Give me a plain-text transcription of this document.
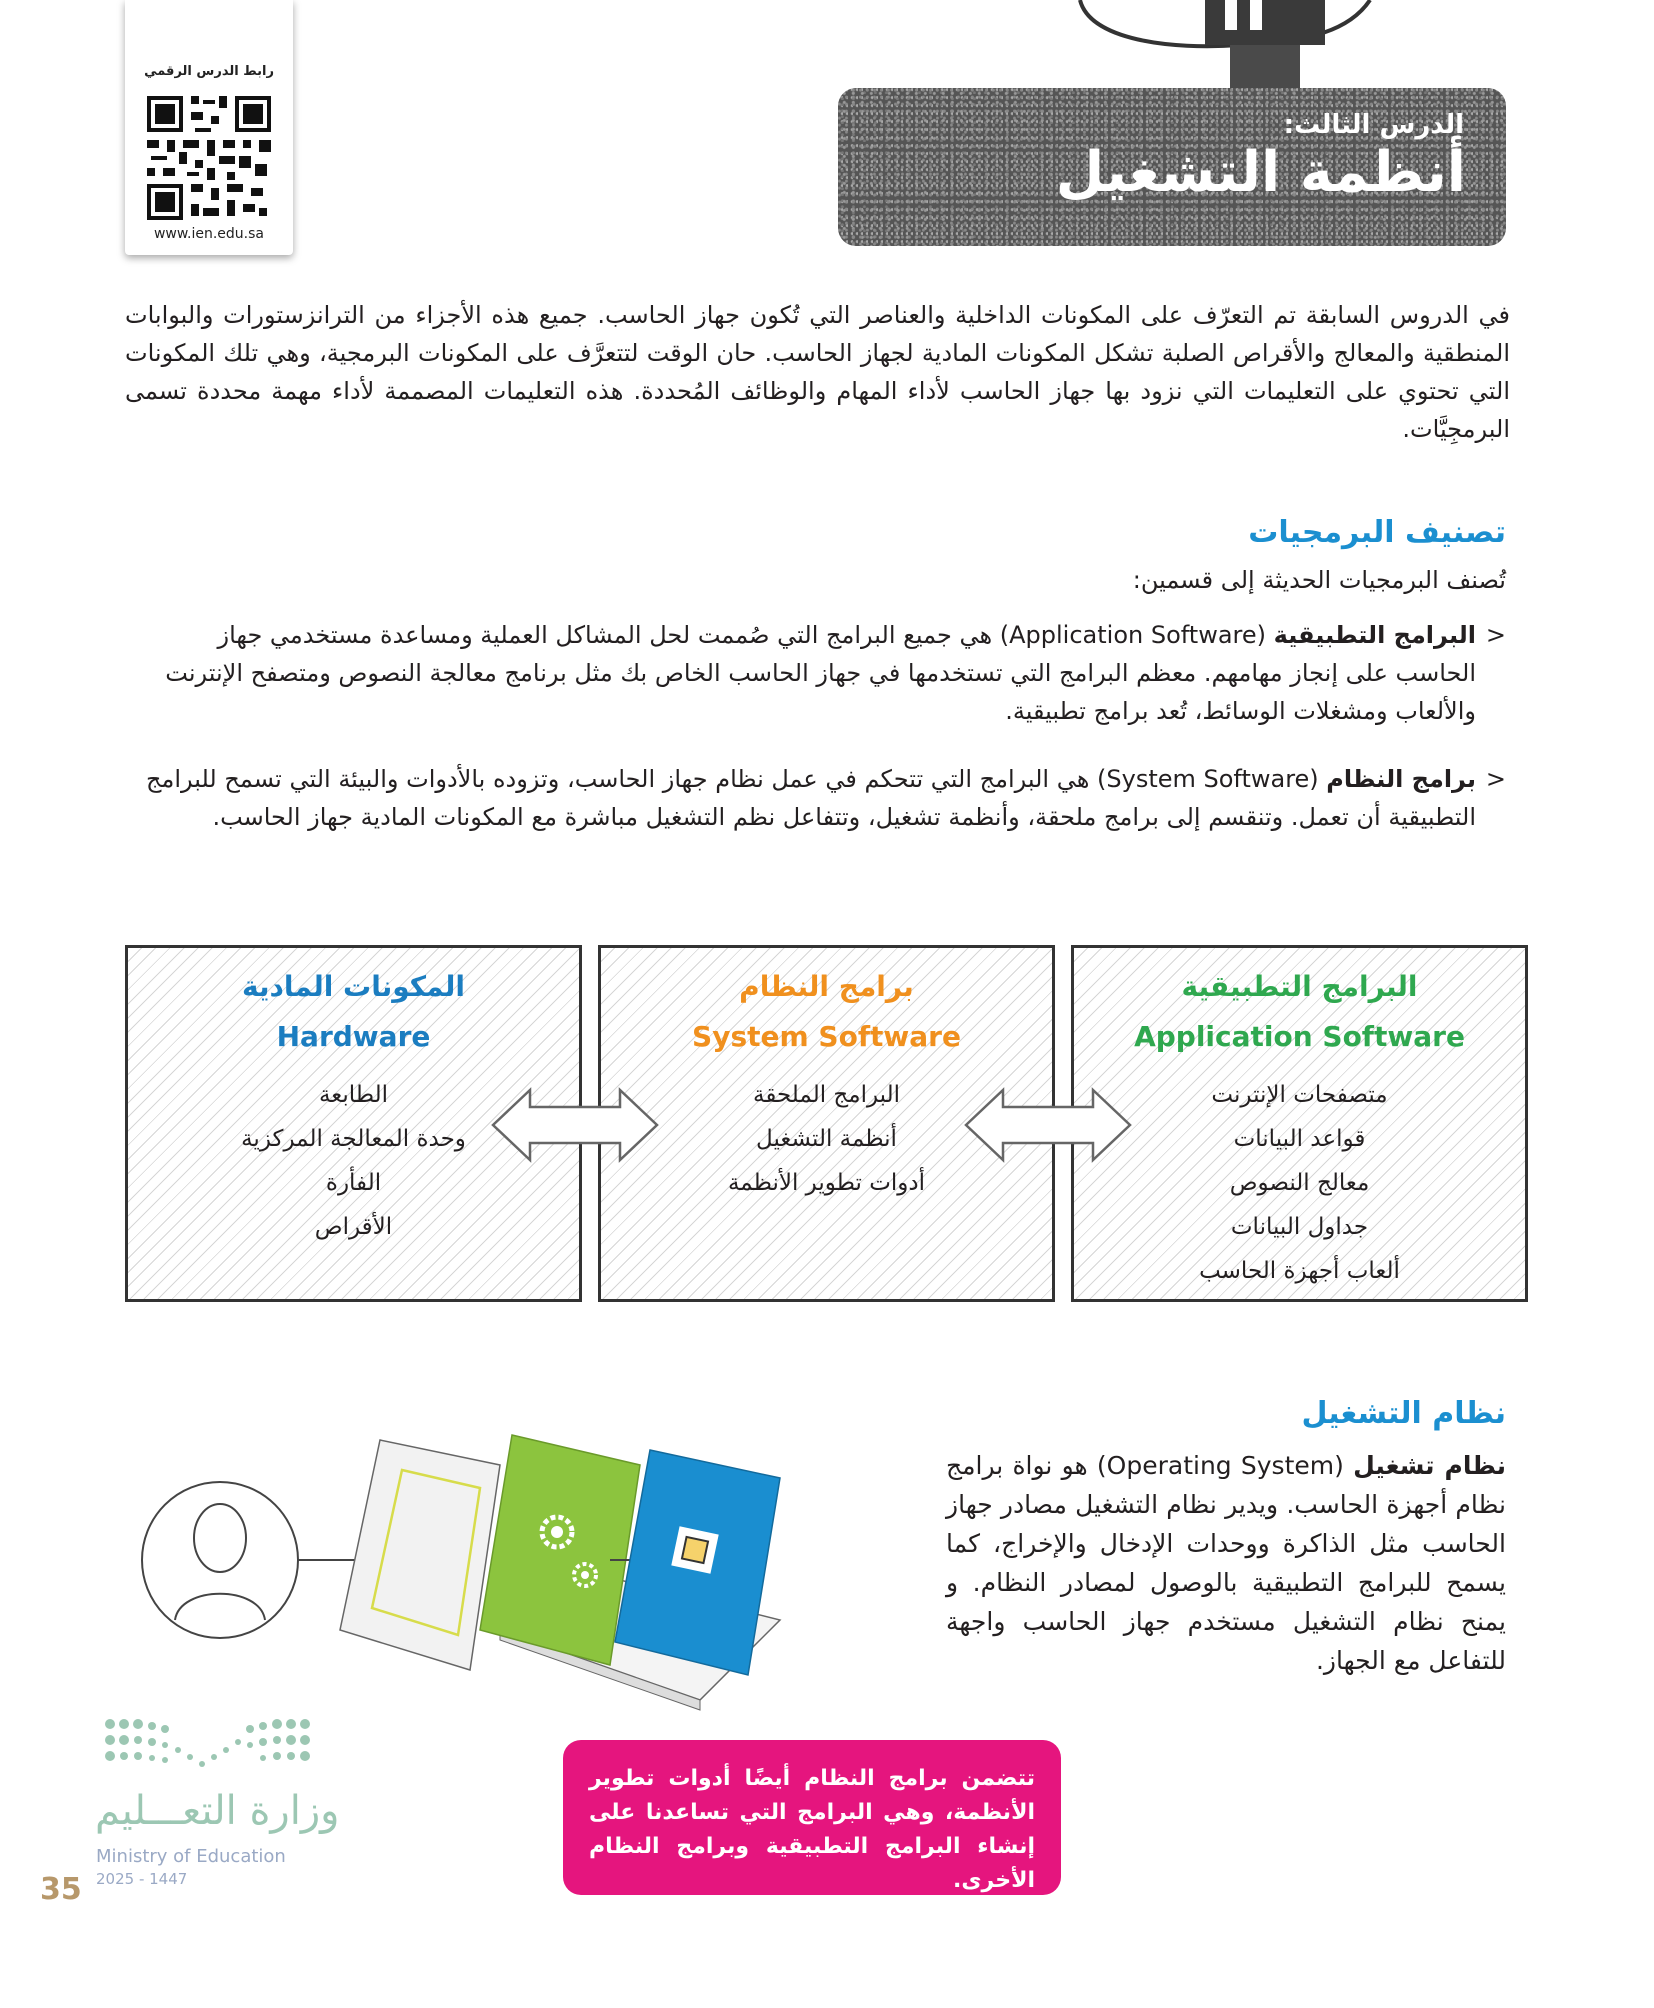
رابط الدرس الرقمي
www.ien.edu.sa
الدرس الثالث:
أنظمة التشغيل

في الدروس السابقة تم التعرّف على المكونات الداخلية والعناصر التي تُكون جهاز الحاسب. جميع هذه الأجزاء من الترانزستورات والبوابات المنطقية والمعالج والأقراص الصلبة تشكل المكونات المادية لجهاز الحاسب. حان الوقت لتتعرَّف على المكونات البرمجية، وهي تلك المكونات التي تحتوي على التعليمات التي نزود بها جهاز الحاسب لأداء المهام والوظائف المُحددة. هذه التعليمات المصممة لأداء مهمة محددة تسمى البرمجِيَّات.

تصنيف البرمجيات
تُصنف البرمجيات الحديثة إلى قسمين:
<
البرامج التطبيقية (Application Software) هي جميع البرامج التي صُممت لحل المشاكل العملية ومساعدة مستخدمي جهاز الحاسب على إنجاز مهامهم. معظم البرامج التي تستخدمها في جهاز الحاسب الخاص بك مثل برنامج معالجة النصوص ومتصفح الإنترنت والألعاب ومشغلات الوسائط، تُعد برامج تطبيقية.
<
برامج النظام (System Software) هي البرامج التي تتحكم في عمل نظام جهاز الحاسب، وتزوده بالأدوات والبيئة التي تسمح للبرامج التطبيقية أن تعمل. وتنقسم إلى برامج ملحقة، وأنظمة تشغيل، وتتفاعل نظم التشغيل مباشرة مع المكونات المادية جهاز الحاسب.
المكونات المادية
Hardware
الطابعة
وحدة المعالجة المركزية
الفأرة
الأقراص
برامج النظام
System Software
البرامج الملحقة
أنظمة التشغيل
أدوات تطوير الأنظمة
البرامج التطبيقية
Application Software
متصفحات الإنترنت
قواعد البيانات
معالج النصوص
جداول البيانات
ألعاب أجهزة الحاسب
نظام التشغيل
نظام تشغيل (Operating System) هو نواة برامج نظام أجهزة الحاسب. ويدير نظام التشغيل مصادر جهاز الحاسب مثل الذاكرة ووحدات الإدخال والإخراج، كما يسمح للبرامج التطبيقية بالوصول لمصادر النظام. و يمنح نظام التشغيل مستخدم جهاز الحاسب واجهة للتفاعل مع الجهاز.
تتضمن برامج النظام أيضًا أدوات تطوير الأنظمة، وهي البرامج التي تساعدنا على إنشاء البرامج التطبيقية وبرامج النظام الأخرى.
وزارة التعـــليم
Ministry of Education
2025 - 1447
35
